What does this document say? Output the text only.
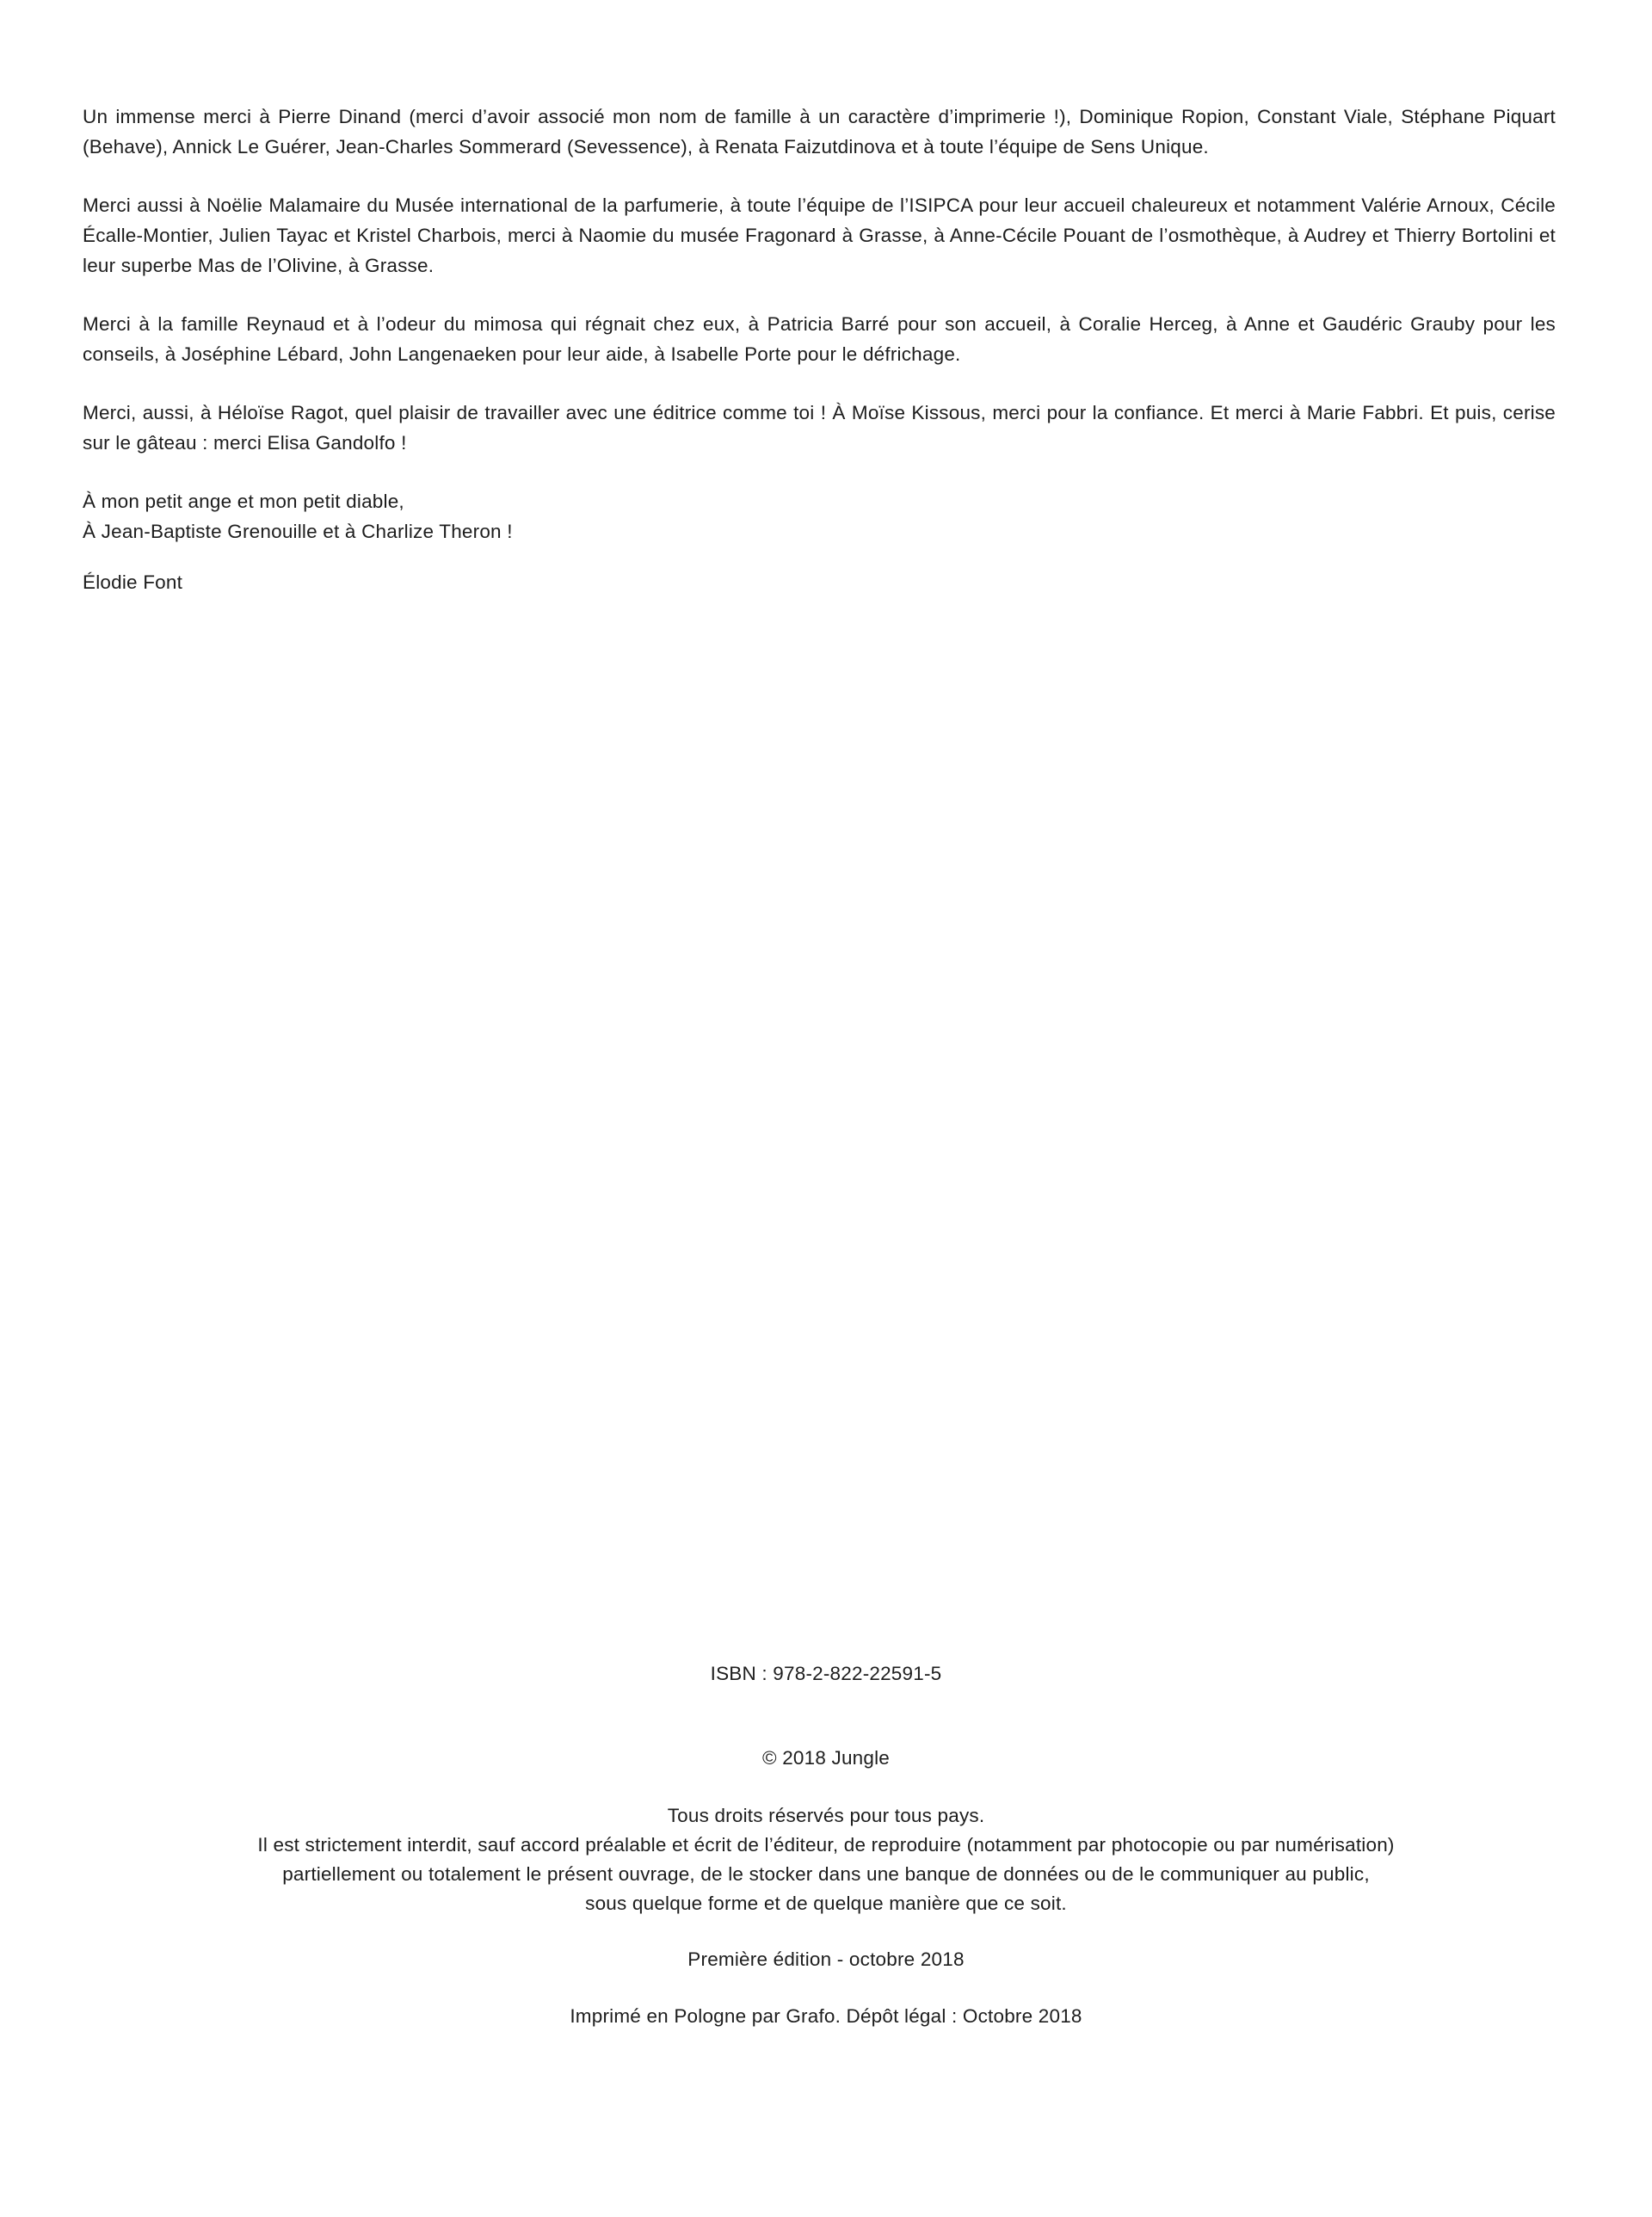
Un immense merci à Pierre Dinand (merci d’avoir associé mon nom de famille à un caractère d’imprimerie !), Dominique Ropion, Constant Viale, Stéphane Piquart (Behave), Annick Le Guérer, Jean-Charles Sommerard (Sevessence), à Renata Faizutdinova et à toute l’équipe de Sens Unique.

Merci aussi à Noëlie Malamaire du Musée international de la parfumerie, à toute l’équipe de l’ISIPCA pour leur accueil chaleureux et notamment Valérie Arnoux, Cécile Écalle-Montier, Julien Tayac et Kristel Charbois, merci à Naomie du musée Fragonard à Grasse, à Anne-Cécile Pouant de l’osmothèque, à Audrey et Thierry Bortolini et leur superbe Mas de l’Olivine, à Grasse.

Merci à la famille Reynaud et à l’odeur du mimosa qui régnait chez eux, à Patricia Barré pour son accueil, à Coralie Herceg, à Anne et Gaudéric Grauby pour les conseils, à Joséphine Lébard, John Langenaeken pour leur aide, à Isabelle Porte pour le défrichage.

Merci, aussi, à Héloïse Ragot, quel plaisir de travailler avec une éditrice comme toi ! À Moïse Kissous, merci pour la confiance. Et merci à Marie Fabbri. Et puis, cerise sur le gâteau : merci Elisa Gandolfo !

À mon petit ange et mon petit diable,
À Jean-Baptiste Grenouille et à Charlize Theron !
Élodie Font
ISBN : 978-2-822-22591-5
© 2018 Jungle
Tous droits réservés pour tous pays.
Il est strictement interdit, sauf accord préalable et écrit de l’éditeur, de reproduire (notamment par photocopie ou par numérisation)
partiellement ou totalement le présent ouvrage, de le stocker dans une banque de données ou de le communiquer au public,
sous quelque forme et de quelque manière que ce soit.
Première édition - octobre 2018
Imprimé en Pologne par Grafo. Dépôt légal : Octobre 2018
